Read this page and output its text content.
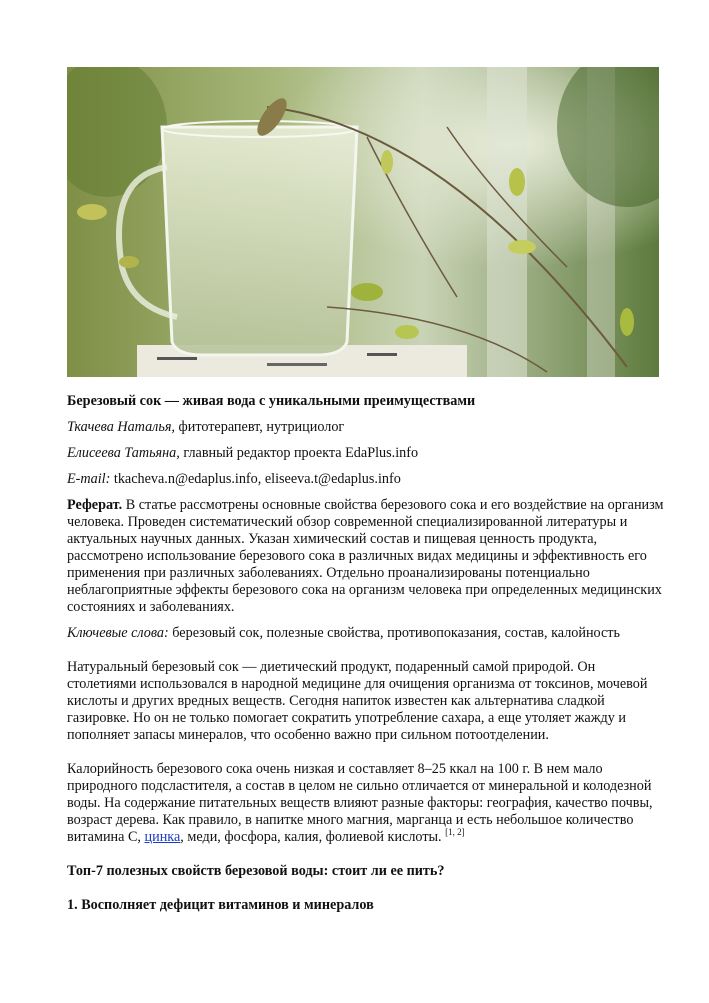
Березовый сок — живая вода с уникальными преимуществами

Ткачева Наталья, фитотерапевт, нутрициолог

Елисеева Татьяна, главный редактор проекта EdaPlus.info

E-mail: tkacheva.n@edaplus.info, eliseeva.t@edaplus.info

Реферат. В статье рассмотрены основные свойства березового сока и его воздействие на организм человека. Проведен систематический обзор современной специализированной литературы и актуальных научных данных. Указан химический состав и пищевая ценность продукта, рассмотрено использование березового сока в различных видах медицины и эффективность его применения при различных заболеваниях. Отдельно проанализированы потенциально неблагоприятные эффекты березового сока на организм человека при определенных медицинских состояниях и заболеваниях.

Ключевые слова: березовый сок, полезные свойства, противопоказания, состав, калойность

Натуральный березовый сок — диетический продукт, подаренный самой природой. Он столетиями использовался в народной медицине для очищения организма от токсинов, мочевой кислоты и других вредных веществ. Сегодня напиток известен как альтернатива сладкой газировке. Но он не только помогает сократить употребление сахара, а еще утоляет жажду и пополняет запасы минералов, что особенно важно при сильном потоотделении.

Калорийность березового сока очень низкая и составляет 8–25 ккал на 100 г. В нем мало природного подсластителя, а состав в целом не сильно отличается от минеральной и колодезной воды. На содержание питательных веществ влияют разные факторы: география, качество почвы, возраст дерева. Как правило, в напитке много магния, марганца и есть небольшое количество витамина С, цинка, меди, фосфора, калия, фолиевой кислоты. [1, 2]

Топ-7 полезных свойств березовой воды: стоит ли ее пить?

1. Восполняет дефицит витаминов и минералов
